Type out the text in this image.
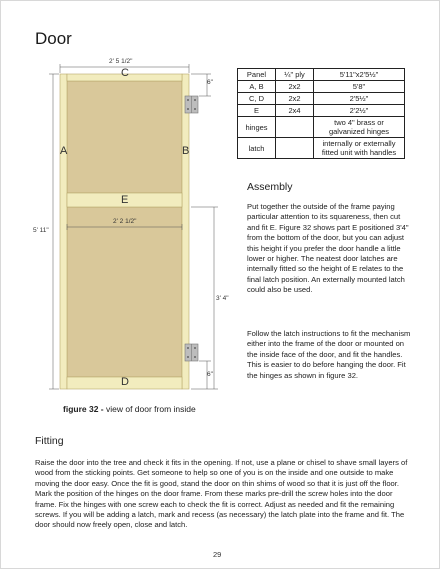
Door
2' 5 1/2"
2' 2 1/2"
5' 11"
3' 4"
6"
6"
A	B
C
D
E
figure 32 - view of door from inside
Panel	¼" ply	5'11"x2'5½"
A, B	2x2	5'8"
C, D	2x2	2'5½"
E	2x4	2'2½"
hinges		two 4" brass or galvanized hinges
latch		internally or externally fitted unit with handles
Assembly
Put together the outside of the frame paying particular attention to its squareness, then cut and fit E. Figure 32 shows part E positioned 3'4" from the bottom of the door, but you can adjust this height if you prefer the door handle a little lower or higher. The neatest door latches are internally fitted so the height of E relates to the final latch position. An externally mounted latch could also be used.
Follow the latch instructions to fit the mechanism either into the frame of the door or mounted on the inside face of the door, and fit the handles. This is easier to do before hanging the door. Fit the hinges as shown in figure 32.
Fitting
Raise the door into the tree and check it fits in the opening. If not, use a plane or chisel to shave small layers of wood from the sticking points. Get someone to help so one of you is on the inside and one outside to make moving the door easy. Once the fit is good, stand the door on thin shims of wood so that it is just off the floor. Mark the position of the hinges on the door frame. From these marks pre-drill the screw holes into the door frame. Fix the hinges with one screw each to check the fit is correct. Adjust as needed and fit the remaining screws. If you will be adding a latch, mark and recess (as necessary) the latch plate into the frame and fit. The door should now freely open, close and latch.
29
